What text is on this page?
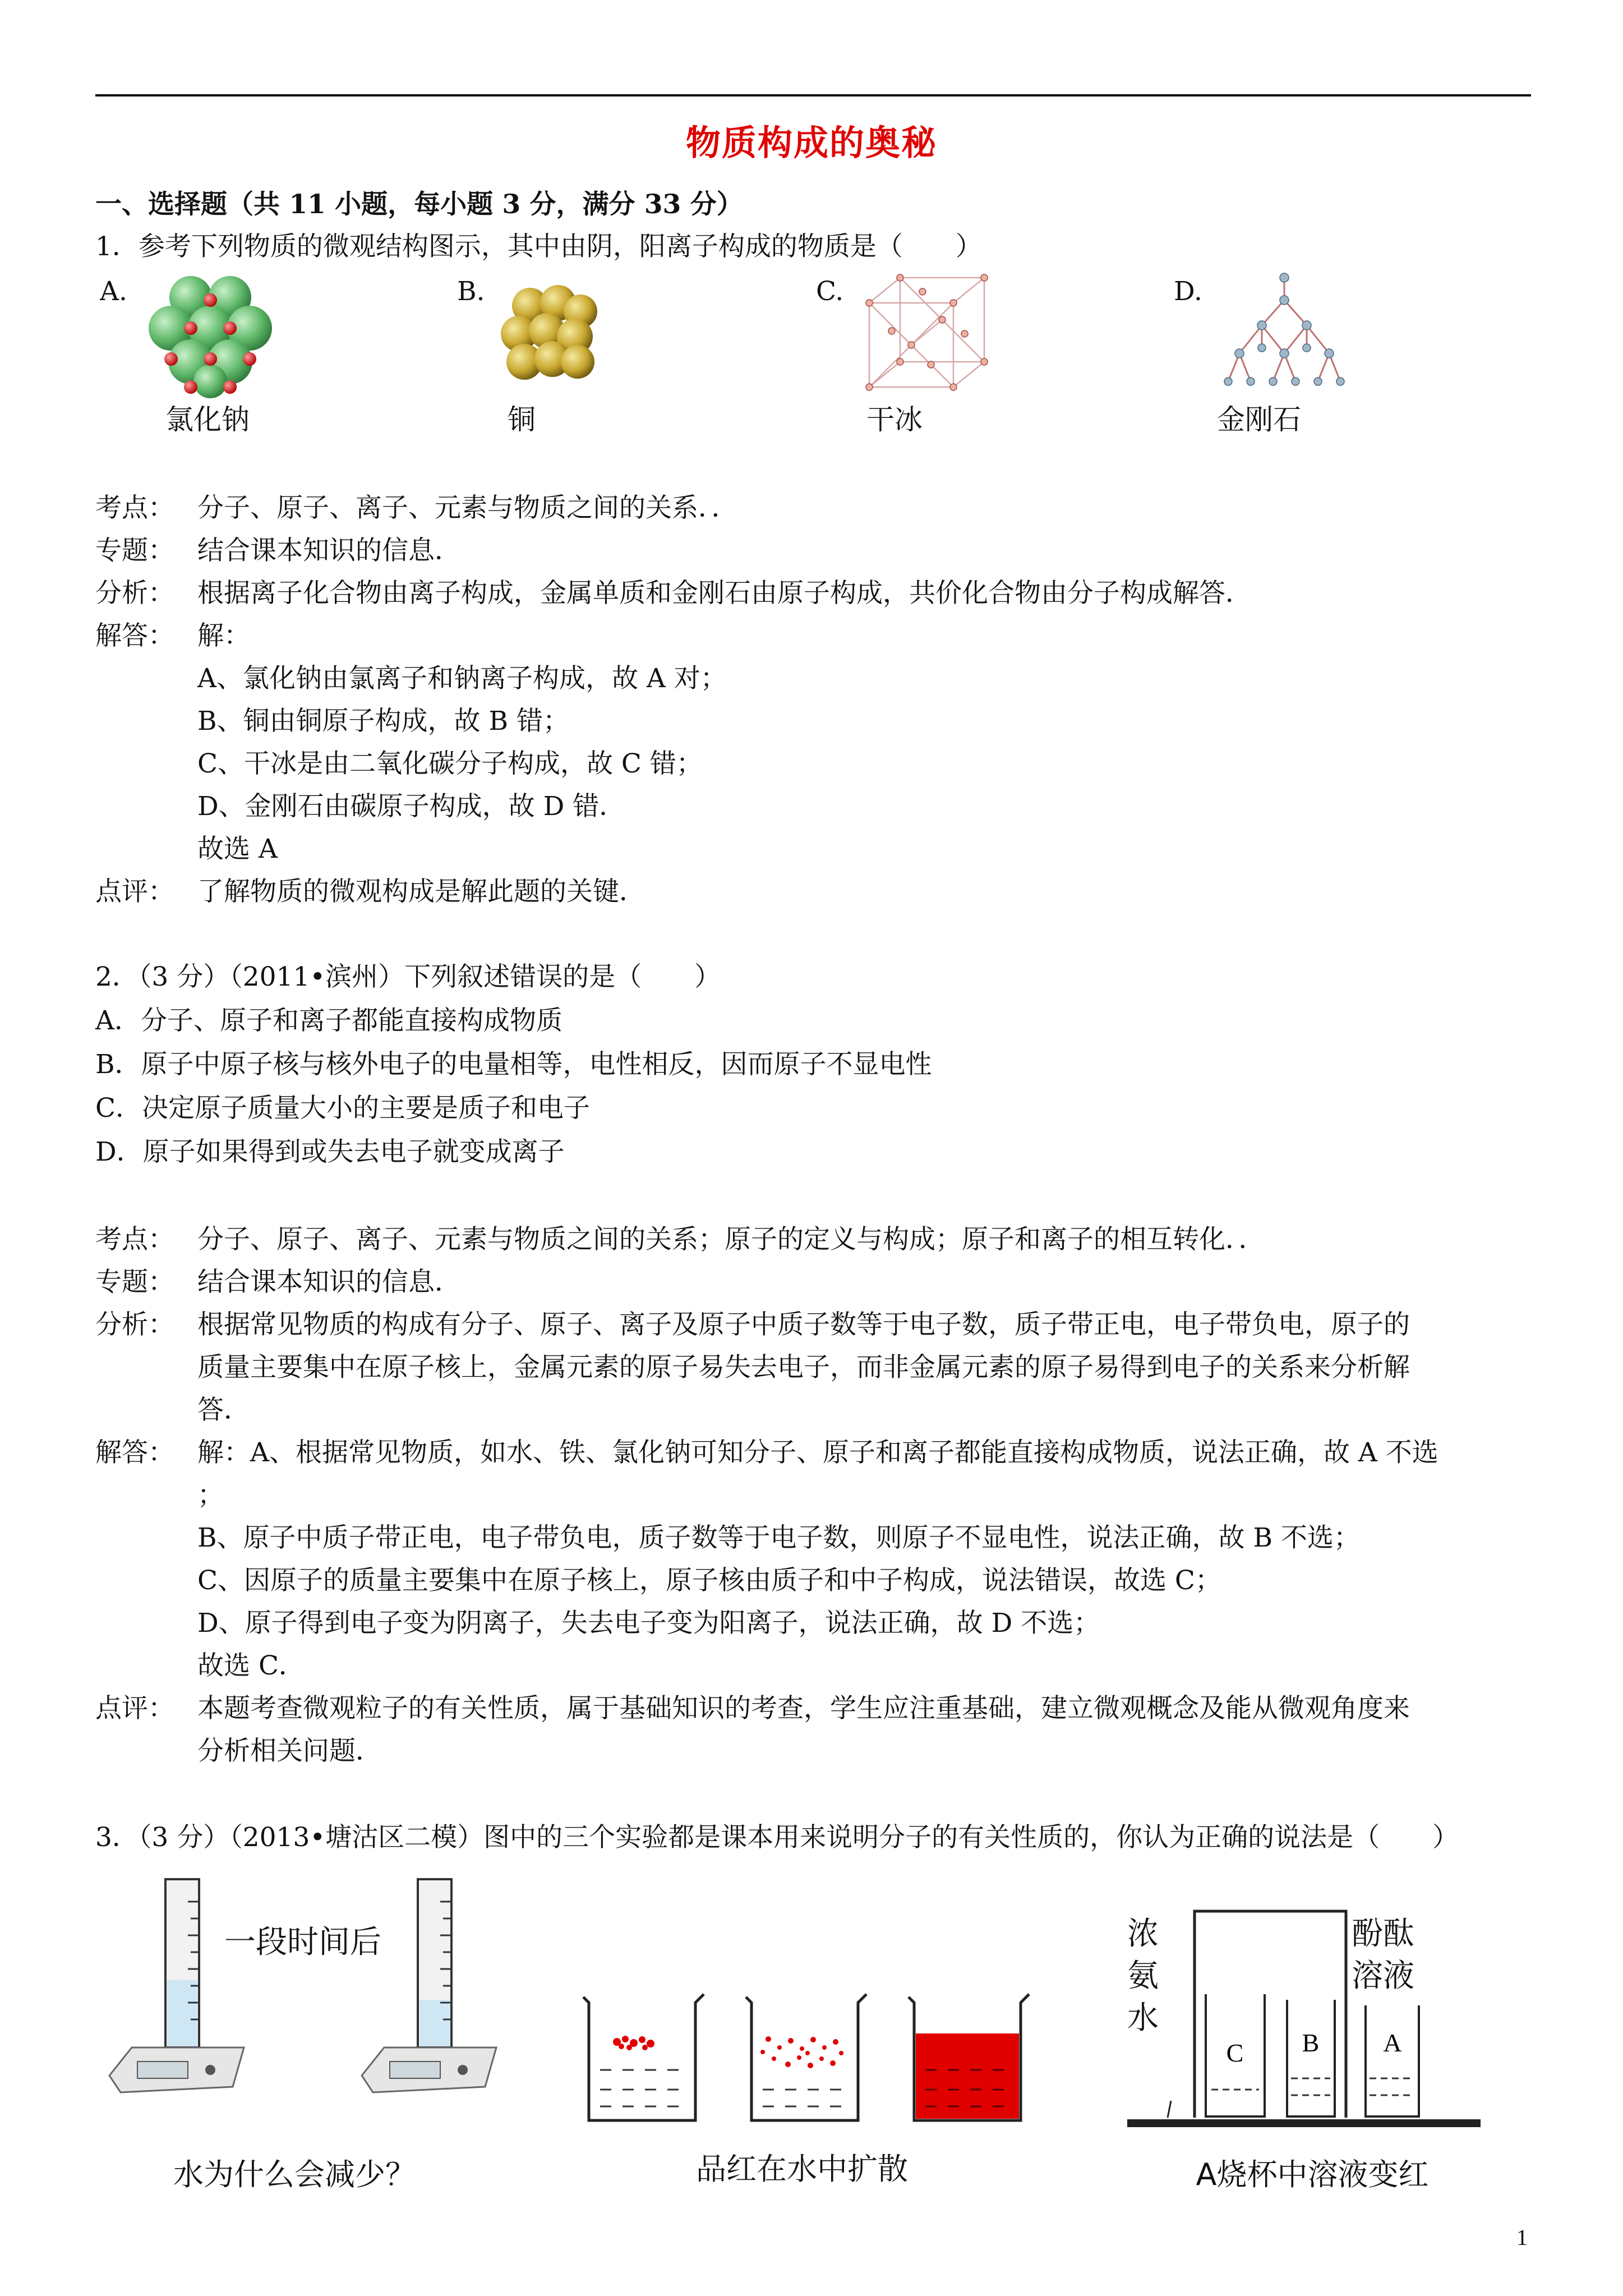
物质构成的奥秘
一、选择题（共 11 小题，每小题 3 分，满分 33 分）
1．参考下列物质的微观结构图示，其中由阴，阳离子构成的物质是（　　）
A.	B.	C.	D.
氯化钠	铜	干冰	金刚石
考点： 分子、原子、离子、元素与物质之间的关系．．
专题： 结合课本知识的信息．
分析： 根据离子化合物由离子构成，金属单质和金刚石由原子构成，共价化合物由分子构成解答．
解答： 解：
A、氯化钠由氯离子和钠离子构成，故 A 对；
B、铜由铜原子构成，故 B 错；
C、干冰是由二氧化碳分子构成，故 C 错；
D、金刚石由碳原子构成，故 D 错．
故选 A
点评： 了解物质的微观构成是解此题的关键．
2．（3 分）（2011•滨州）下列叙述错误的是（　　）
A．分子、原子和离子都能直接构成物质
B．原子中原子核与核外电子的电量相等，电性相反，因而原子不显电性
C．决定原子质量大小的主要是质子和电子
D．原子如果得到或失去电子就变成离子
考点： 分子、原子、离子、元素与物质之间的关系；原子的定义与构成；原子和离子的相互转化．．
专题： 结合课本知识的信息．
分析： 根据常见物质的构成有分子、原子、离子及原子中质子数等于电子数，质子带正电，电子带负电，原子的
质量主要集中在原子核上，金属元素的原子易失去电子，而非金属元素的原子易得到电子的关系来分析解
答．
解答： 解：A、根据常见物质，如水、铁、氯化钠可知分子、原子和离子都能直接构成物质，说法正确，故 A 不选
；
B、原子中质子带正电，电子带负电，质子数等于电子数，则原子不显电性，说法正确，故 B 不选；
C、因原子的质量主要集中在原子核上，原子核由质子和中子构成，说法错误，故选 C；
D、原子得到电子变为阴离子，失去电子变为阳离子，说法正确，故 D 不选；
故选 C．
点评： 本题考查微观粒子的有关性质，属于基础知识的考查，学生应注重基础，建立微观概念及能从微观角度来
分析相关问题．
3．（3 分）（2013•塘沽区二模）图中的三个实验都是课本用来说明分子的有关性质的，你认为正确的说法是（　　）
一段时间后
水为什么会减少？	品红在水中扩散
C B A
浓
氨
水
酚酞
溶液
A烧杯中溶液变红
1
